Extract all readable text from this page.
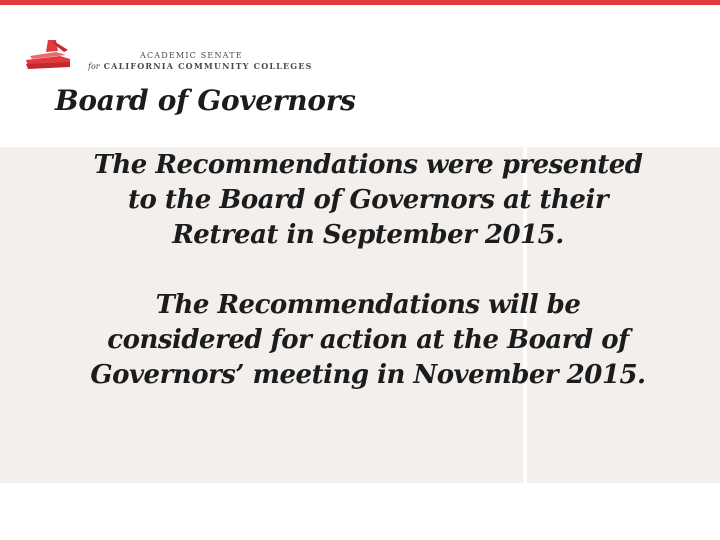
ACADEMIC SENATE
for CALIFORNIA COMMUNITY COLLEGES
Board of Governors

The Recommendations were presented to the Board of Governors at their Retreat in September 2015.
The Recommendations will be considered for action at the Board of Governors’ meeting in November 2015.
